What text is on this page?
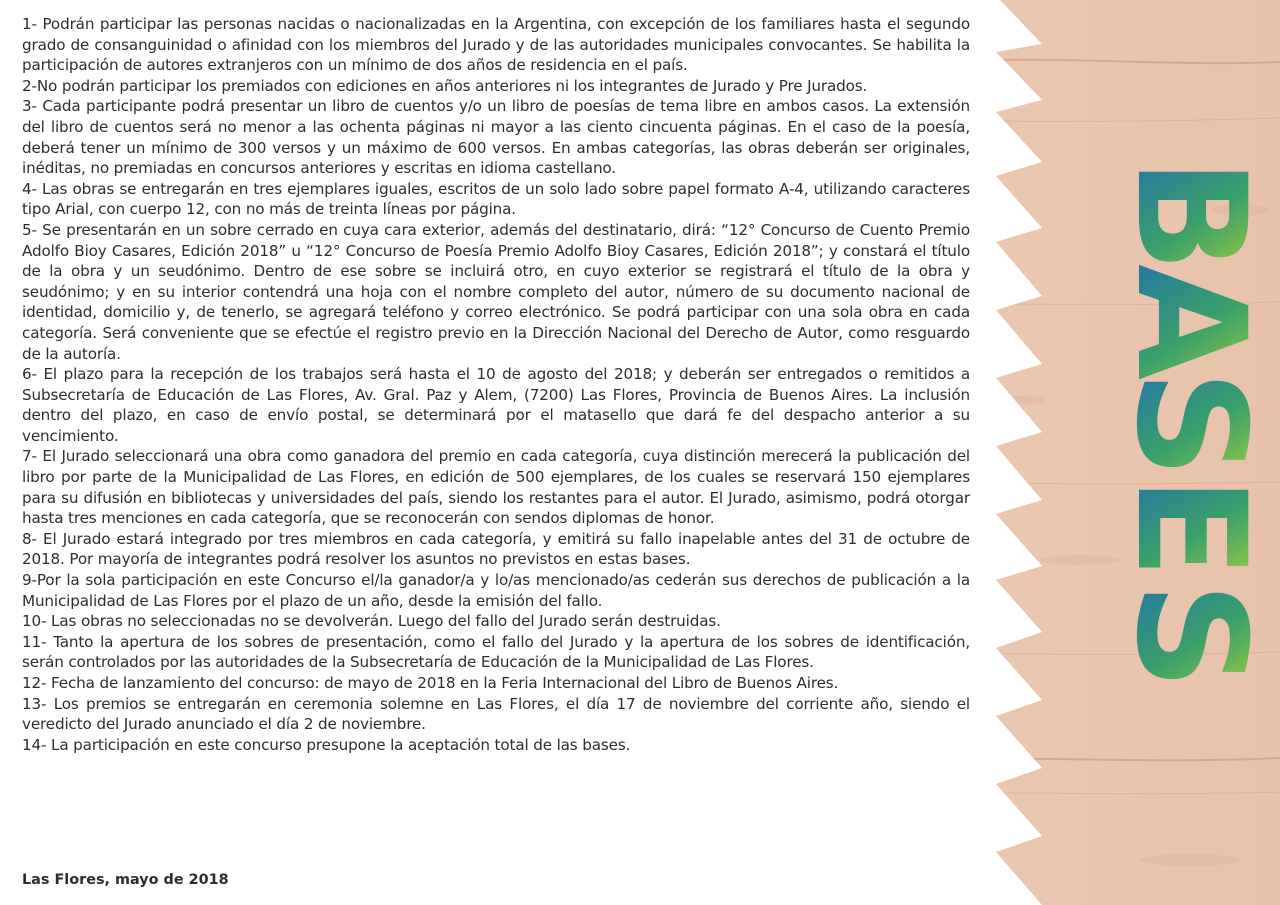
1- Podrán participar las personas nacidas o nacionalizadas en la Argentina, con excepción de los familiares hasta el segundo grado de consanguinidad o afinidad con los miembros del Jurado y de las autoridades municipales convocantes. Se habilita la participación de autores extranjeros con un mínimo de dos años de residencia en el país.

2-No podrán participar los premiados con ediciones en años anteriores ni los integrantes de Jurado y Pre Jurados.

3- Cada participante podrá presentar un libro de cuentos y/o un libro de poesías de tema libre en ambos casos. La extensión del libro de cuentos será no menor a las ochenta páginas ni mayor a las ciento cincuenta páginas. En el caso de la poesía, deberá tener un mínimo de 300 versos y un máximo de 600 versos. En ambas categorías, las obras deberán ser originales, inéditas, no premiadas en concursos anteriores y escritas en idioma castellano.

4- Las obras se entregarán en tres ejemplares iguales, escritos de un solo lado sobre papel formato A-4, utilizando caracteres tipo Arial, con cuerpo 12, con no más de treinta líneas por página.

5- Se presentarán en un sobre cerrado en cuya cara exterior, además del destinatario, dirá: “12° Concurso de Cuento Premio Adolfo Bioy Casares, Edición 2018” u “12° Concurso de Poesía Premio Adolfo Bioy Casares, Edición 2018”; y constará el título de la obra y un seudónimo. Dentro de ese sobre se incluirá otro, en cuyo exterior se registrará el título de la obra y seudónimo; y en su interior contendrá una hoja con el nombre completo del autor, número de su documento nacional de identidad, domicilio y, de tenerlo, se agregará teléfono y correo electrónico. Se podrá participar con una sola obra en cada categoría. Será conveniente que se efectúe el registro previo en la Dirección Nacional del Derecho de Autor, como resguardo de la autoría.

6- El plazo para la recepción de los trabajos será hasta el 10 de agosto del 2018; y deberán ser entregados o remitidos a Subsecretaría de Educación de Las Flores, Av. Gral. Paz y Alem, (7200) Las Flores, Provincia de Buenos Aires. La inclusión dentro del plazo, en caso de envío postal, se determinará por el matasello que dará fe del despacho anterior a su vencimiento.

7- El Jurado seleccionará una obra como ganadora del premio en cada categoría, cuya distinción merecerá la publicación del libro por parte de la Municipalidad de Las Flores, en edición de 500 ejemplares, de los cuales se reservará 150 ejemplares para su difusión en bibliotecas y universidades del país, siendo los restantes para el autor. El Jurado, asimismo, podrá otorgar hasta tres menciones en cada categoría, que se reconocerán con sendos diplomas de honor.

8- El Jurado estará integrado por tres miembros en cada categoría, y emitirá su fallo inapelable antes del 31 de octubre de 2018. Por mayoría de integrantes podrá resolver los asuntos no previstos en estas bases.

9-Por la sola participación en este Concurso el/la ganador/a y lo/as mencionado/as cederán sus derechos de publicación a la Municipalidad de Las Flores por el plazo de un año, desde la emisión del fallo.

10- Las obras no seleccionadas no se devolverán. Luego del fallo del Jurado serán destruidas.

11- Tanto la apertura de los sobres de presentación, como el fallo del Jurado y la apertura de los sobres de identificación, serán controlados por las autoridades de la Subsecretaría de Educación de la Municipalidad de Las Flores.

12- Fecha de lanzamiento del concurso: de mayo de 2018 en la Feria Internacional del Libro de Buenos Aires.

13- Los premios se entregarán en ceremonia solemne en Las Flores, el día 17 de noviembre del corriente año, siendo el veredicto del Jurado anunciado el día 2 de noviembre.

14- La participación en este concurso presupone la aceptación total de las bases.

Las Flores, mayo de 2018
B
A
S
E
S
